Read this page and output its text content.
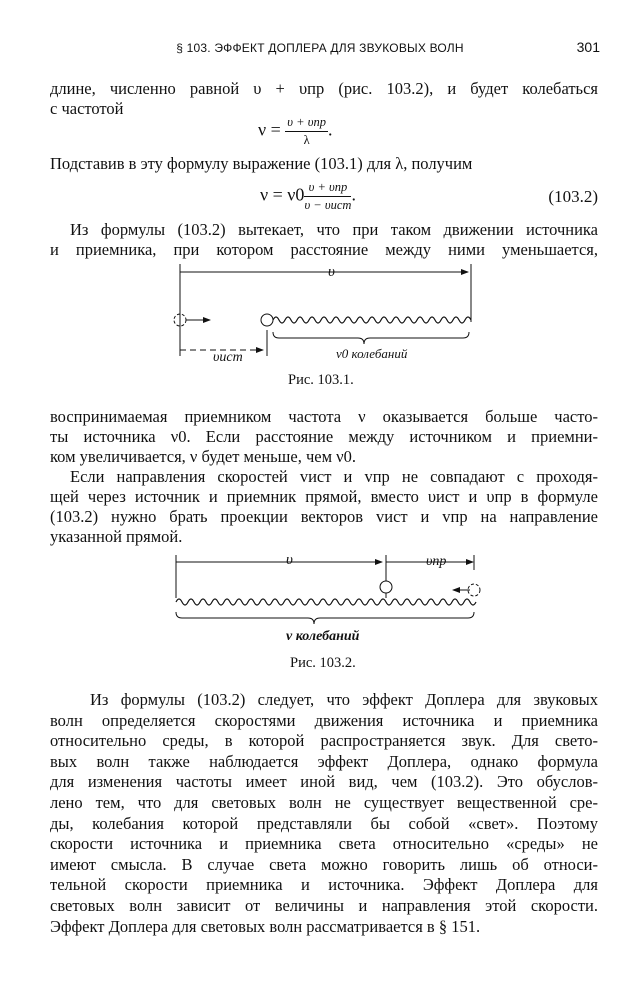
§ 103. ЭФФЕКТ ДОПЛЕРА ДЛЯ ЗВУКОВЫХ ВОЛН	301
длине, численно равной υ + υпр (рис. 103.2), и будет колебаться
с частотой
$\nu = \frac{\text{υ + υпр}}{\lambda}$ .
Подставив в эту формулу выражение (103.1) для λ, получим
$\nu = \nu 0 \frac{\text{υ + υпр}}{\text{υ − υист}}$ .	(103.2)
Из формулы (103.2) вытекает, что при таком движении источника
и приемника, при котором расстояние между ними уменьшается,
υ
υист	ν0 колебаний
Рис. 103.1.
воспринимаемая приемником частота ν оказывается больше часто-
ты источника ν0. Если расстояние между источником и приемни-
ком увеличивается, ν будет меньше, чем ν0.
Если направления скоростей vист и vпр не совпадают с проходя-
щей через источник и приемник прямой, вместо υист и υпр в формуле
(103.2) нужно брать проекции векторов vист и vпр на направление
указанной прямой.
υ	υпр
ν колебаний
Рис. 103.2.
Из формулы (103.2) следует, что эффект Доплера для звуковых
волн определяется скоростями движения источника и приемника
относительно среды, в которой распространяется звук. Для свето-
вых волн также наблюдается эффект Доплера, однако формула
для изменения частоты имеет иной вид, чем (103.2). Это обуслов-
лено тем, что для световых волн не существует вещественной сре-
ды, колебания которой представляли бы собой «свет». Поэтому
скорости источника и приемника света относительно «среды» не
имеют смысла. В случае света можно говорить лишь об относи-
тельной скорости приемника и источника. Эффект Доплера для
световых волн зависит от величины и направления этой скорости.
Эффект Доплера для световых волн рассматривается в § 151.
